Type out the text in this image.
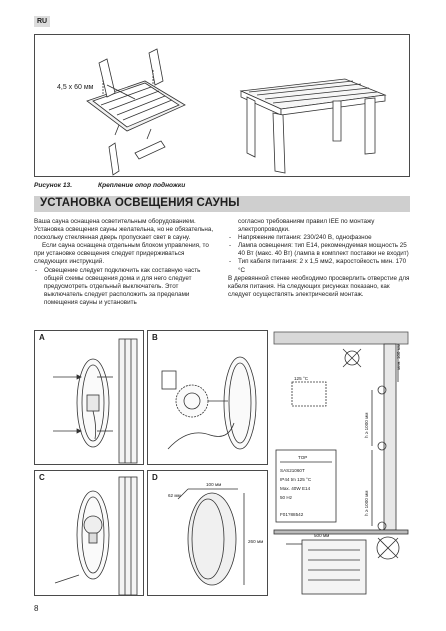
RU
4,5 x 60 мм
Рисунок 13.	Крепление опор подножки
УСТАНОВКА ОСВЕЩЕНИЯ САУНЫ

Ваша сауна оснащена осветительным оборудованием. Установка освещения сауны желательна, но не обязательна, поскольку стеклянная дверь пропускает свет в сауну.

Если сауна оснащена отдельным блоком управления, то при установке освещения следует придерживаться следующих инструкций.

- Освещение следует подключить как составную часть общей схемы освещения дома и для него следует предусмотреть отдельный выключатель. Этот выключатель следует расположить за пределами помещения сауны и установить

согласно требованиям правил IEE по монтажу электропроводки.

- Напряжение питания: 230/240 В, однофазное
- Лампа освещения: тип E14, рекомендуемая мощность 25 40 Вт (макс. 40 Вт) (лампа в комплект поставки не входит)
- Тип кабеля питания: 2 x 1,5 мм2, жаростойкость мин. 170 °C

В деревянной стенке необходимо просверлить отверстие для кабеля питания. На следующих рисунках показано, как следует осуществлять электрический монтаж.

A	B
C	D
100 мм
260 мм
62 мм
125 °C
мин. 100 мм
h ≥ 1000 мм
h ≥ 1000 мм
TOP
SAS21060T
IP44 tm 125 °C
Max. 40W E14
50 Hz
F01?88542
500 мм
8
